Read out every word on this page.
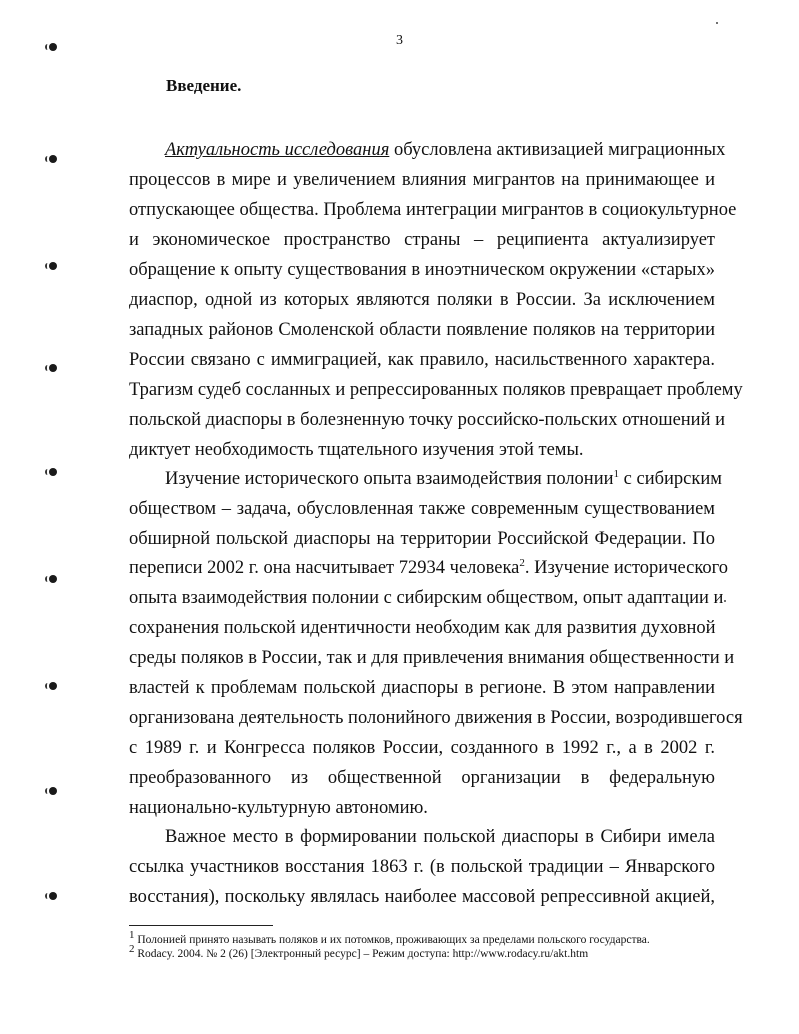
3
Введение.
Актуальность исследования обусловлена активизацией миграционных
процессов в мире и увеличением влияния мигрантов на принимающее и
отпускающее общества. Проблема интеграции мигрантов в социокультурное
и экономическое пространство страны – реципиента актуализирует
обращение к опыту существования в иноэтническом окружении «старых»
диаспор, одной из которых являются поляки в России. За исключением
западных районов Смоленской области появление поляков на территории
России связано с иммиграцией, как правило, насильственного характера.
Трагизм судеб сосланных и репрессированных поляков превращает проблему
польской диаспоры в болезненную точку российско-польских отношений и
диктует необходимость тщательного изучения этой темы.
Изучение исторического опыта взаимодействия полонии$^1$ с сибирским
обществом – задача, обусловленная также современным существованием
обширной польской диаспоры на территории Российской Федерации. По
переписи 2002 г. она насчитывает 72934 человека$^2$. Изучение исторического
опыта взаимодействия полонии с сибирским обществом, опыт адаптации и
сохранения польской идентичности необходим как для развития духовной
среды поляков в России, так и для привлечения внимания общественности и
властей к проблемам польской диаспоры в регионе. В этом направлении
организована деятельность полонийного движения в России, возродившегося
с 1989 г. и Конгресса поляков России, созданного в 1992 г., а в 2002 г.
преобразованного из общественной организации в федеральную
национально-культурную автономию.
Важное место в формировании польской диаспоры в Сибири имела
ссылка участников восстания 1863 г. (в польской традиции – Январского
восстания), поскольку являлась наиболее массовой репрессивной акцией,
$^1$ Полонией принято называть поляков и их потомков, проживающих за пределами польского государства.
$^2$ Rodacy. 2004. № 2 (26) [Электронный ресурс] – Режим доступа: http://www.rodacy.ru/akt.htm
